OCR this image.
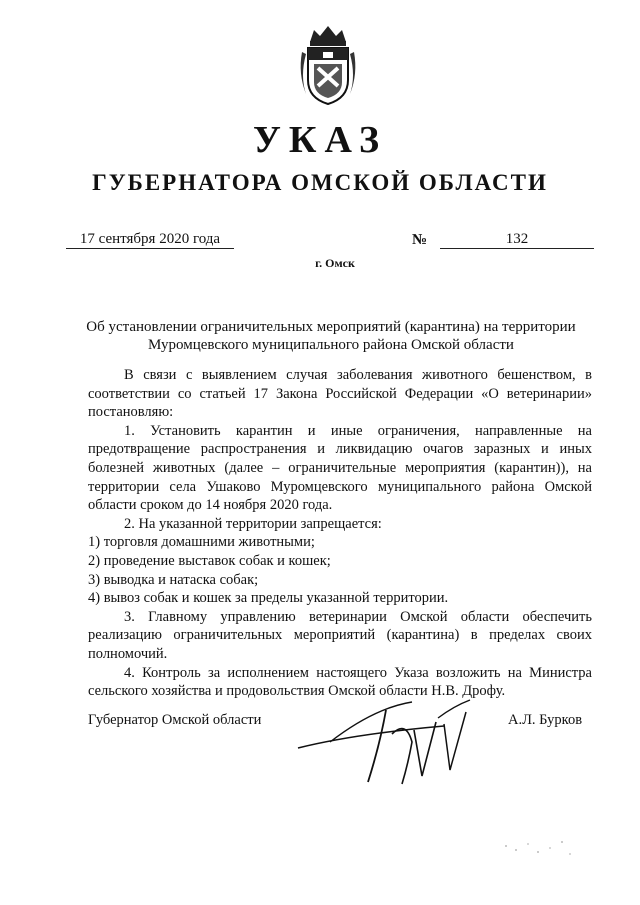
УКАЗ
ГУБЕРНАТОРА ОМСКОЙ ОБЛАСТИ
17 сентября 2020 года	№	132
г. Омск
Об установлении ограничительных мероприятий (карантина) на территории
Муромцевского муниципального района Омской области

В связи с выявлением случая заболевания животного бешенством, в соответствии со статьей 17 Закона Российской Федерации «О ветеринарии» постановляю:

1. Установить карантин и иные ограничения, направленные на предотвращение распространения и ликвидацию очагов заразных и иных болезней животных (далее – ограничительные мероприятия (карантин)), на территории села Ушаково Муромцевского муниципального района Омской области сроком до 14 ноября 2020 года.

2. На указанной территории запрещается:

1) торговля домашними животными;

2) проведение выставок собак и кошек;

3) выводка и натаска собак;

4) вывоз собак и кошек за пределы указанной территории.

3. Главному управлению ветеринарии Омской области обеспечить реализацию ограничительных мероприятий (карантина) в пределах своих полномочий.

4. Контроль за исполнением настоящего Указа возложить на Министра сельского хозяйства и продовольствия Омской области Н.В. Дрофу.

Губернатор Омской области	А.Л. Бурков
